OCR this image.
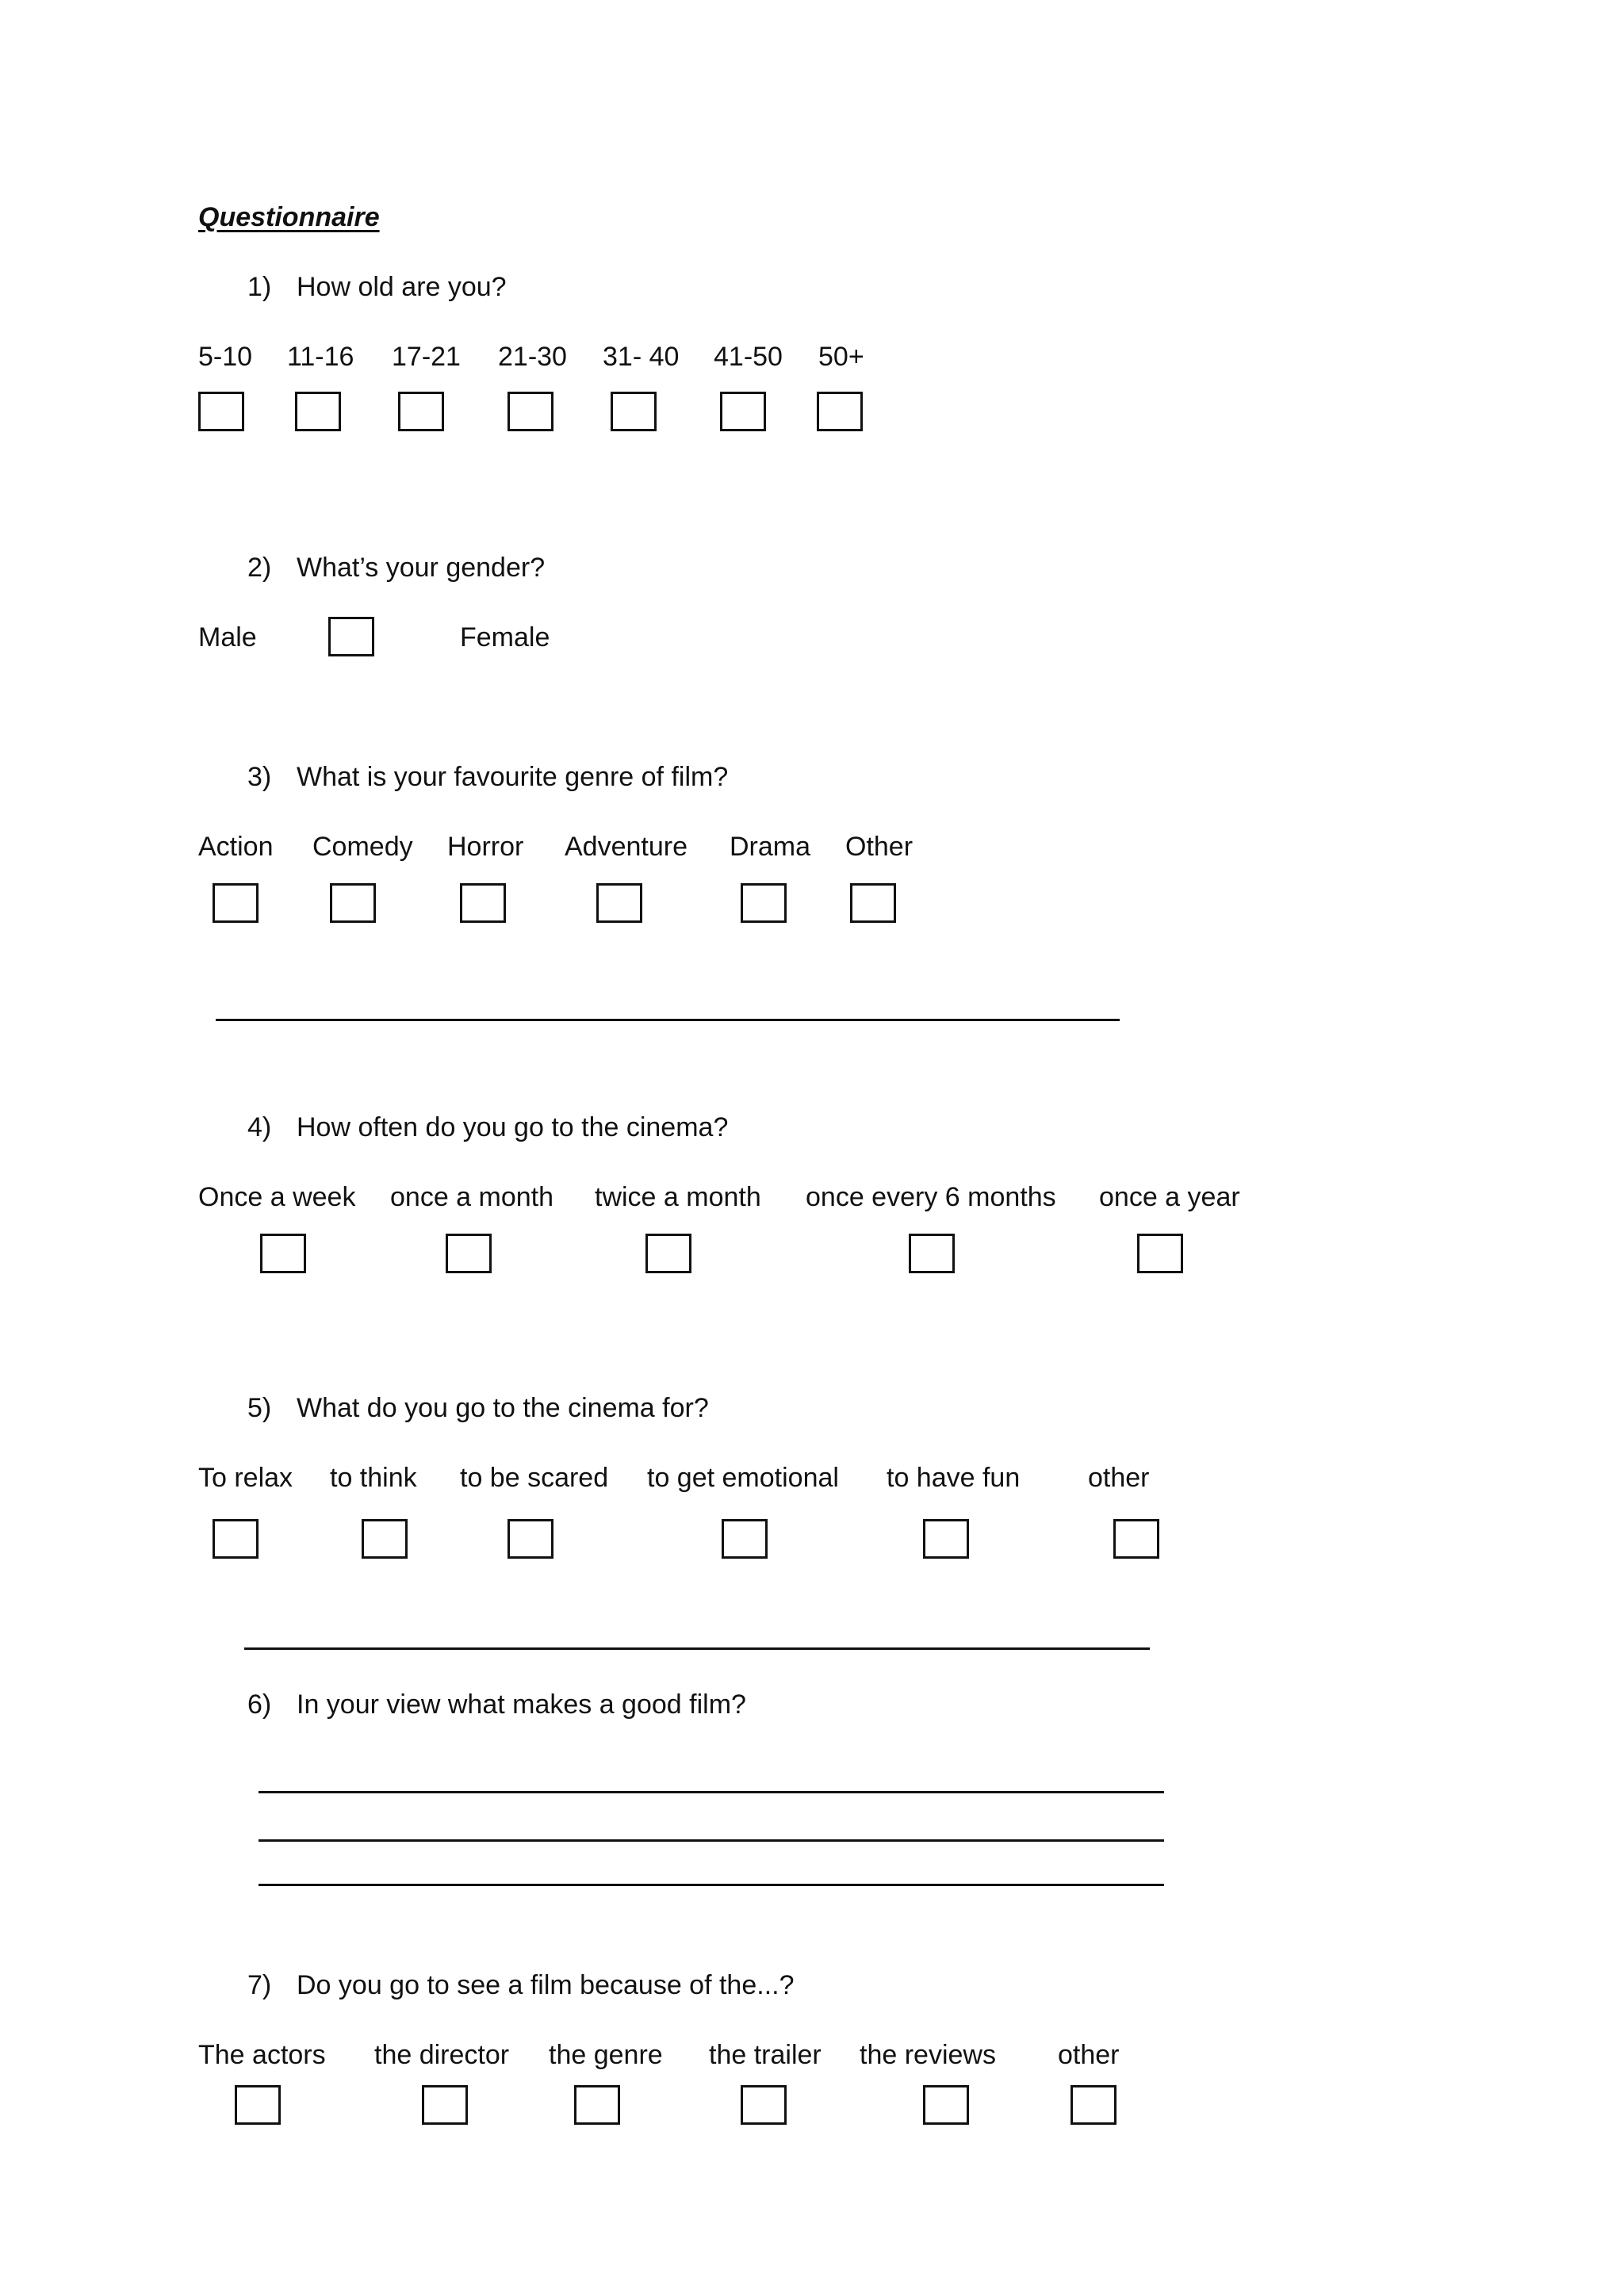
Questionnaire
1) How old are you?
5-10 11-16 17-21 21-30 31- 40 41-50 50+
2) What’s your gender?
Male	Female
3) What is your favourite genre of film?
Action Comedy Horror Adventure Drama Other
4) How often do you go to the cinema?
Once a week once a month twice a month once every 6 months once a year
5) What do you go to the cinema for?
To relax to think to be scared to get emotional to have fun	other
6) In your view what makes a good film?
7) Do you go to see a film because of the...?
The actors the director the genre the trailer the reviews other
